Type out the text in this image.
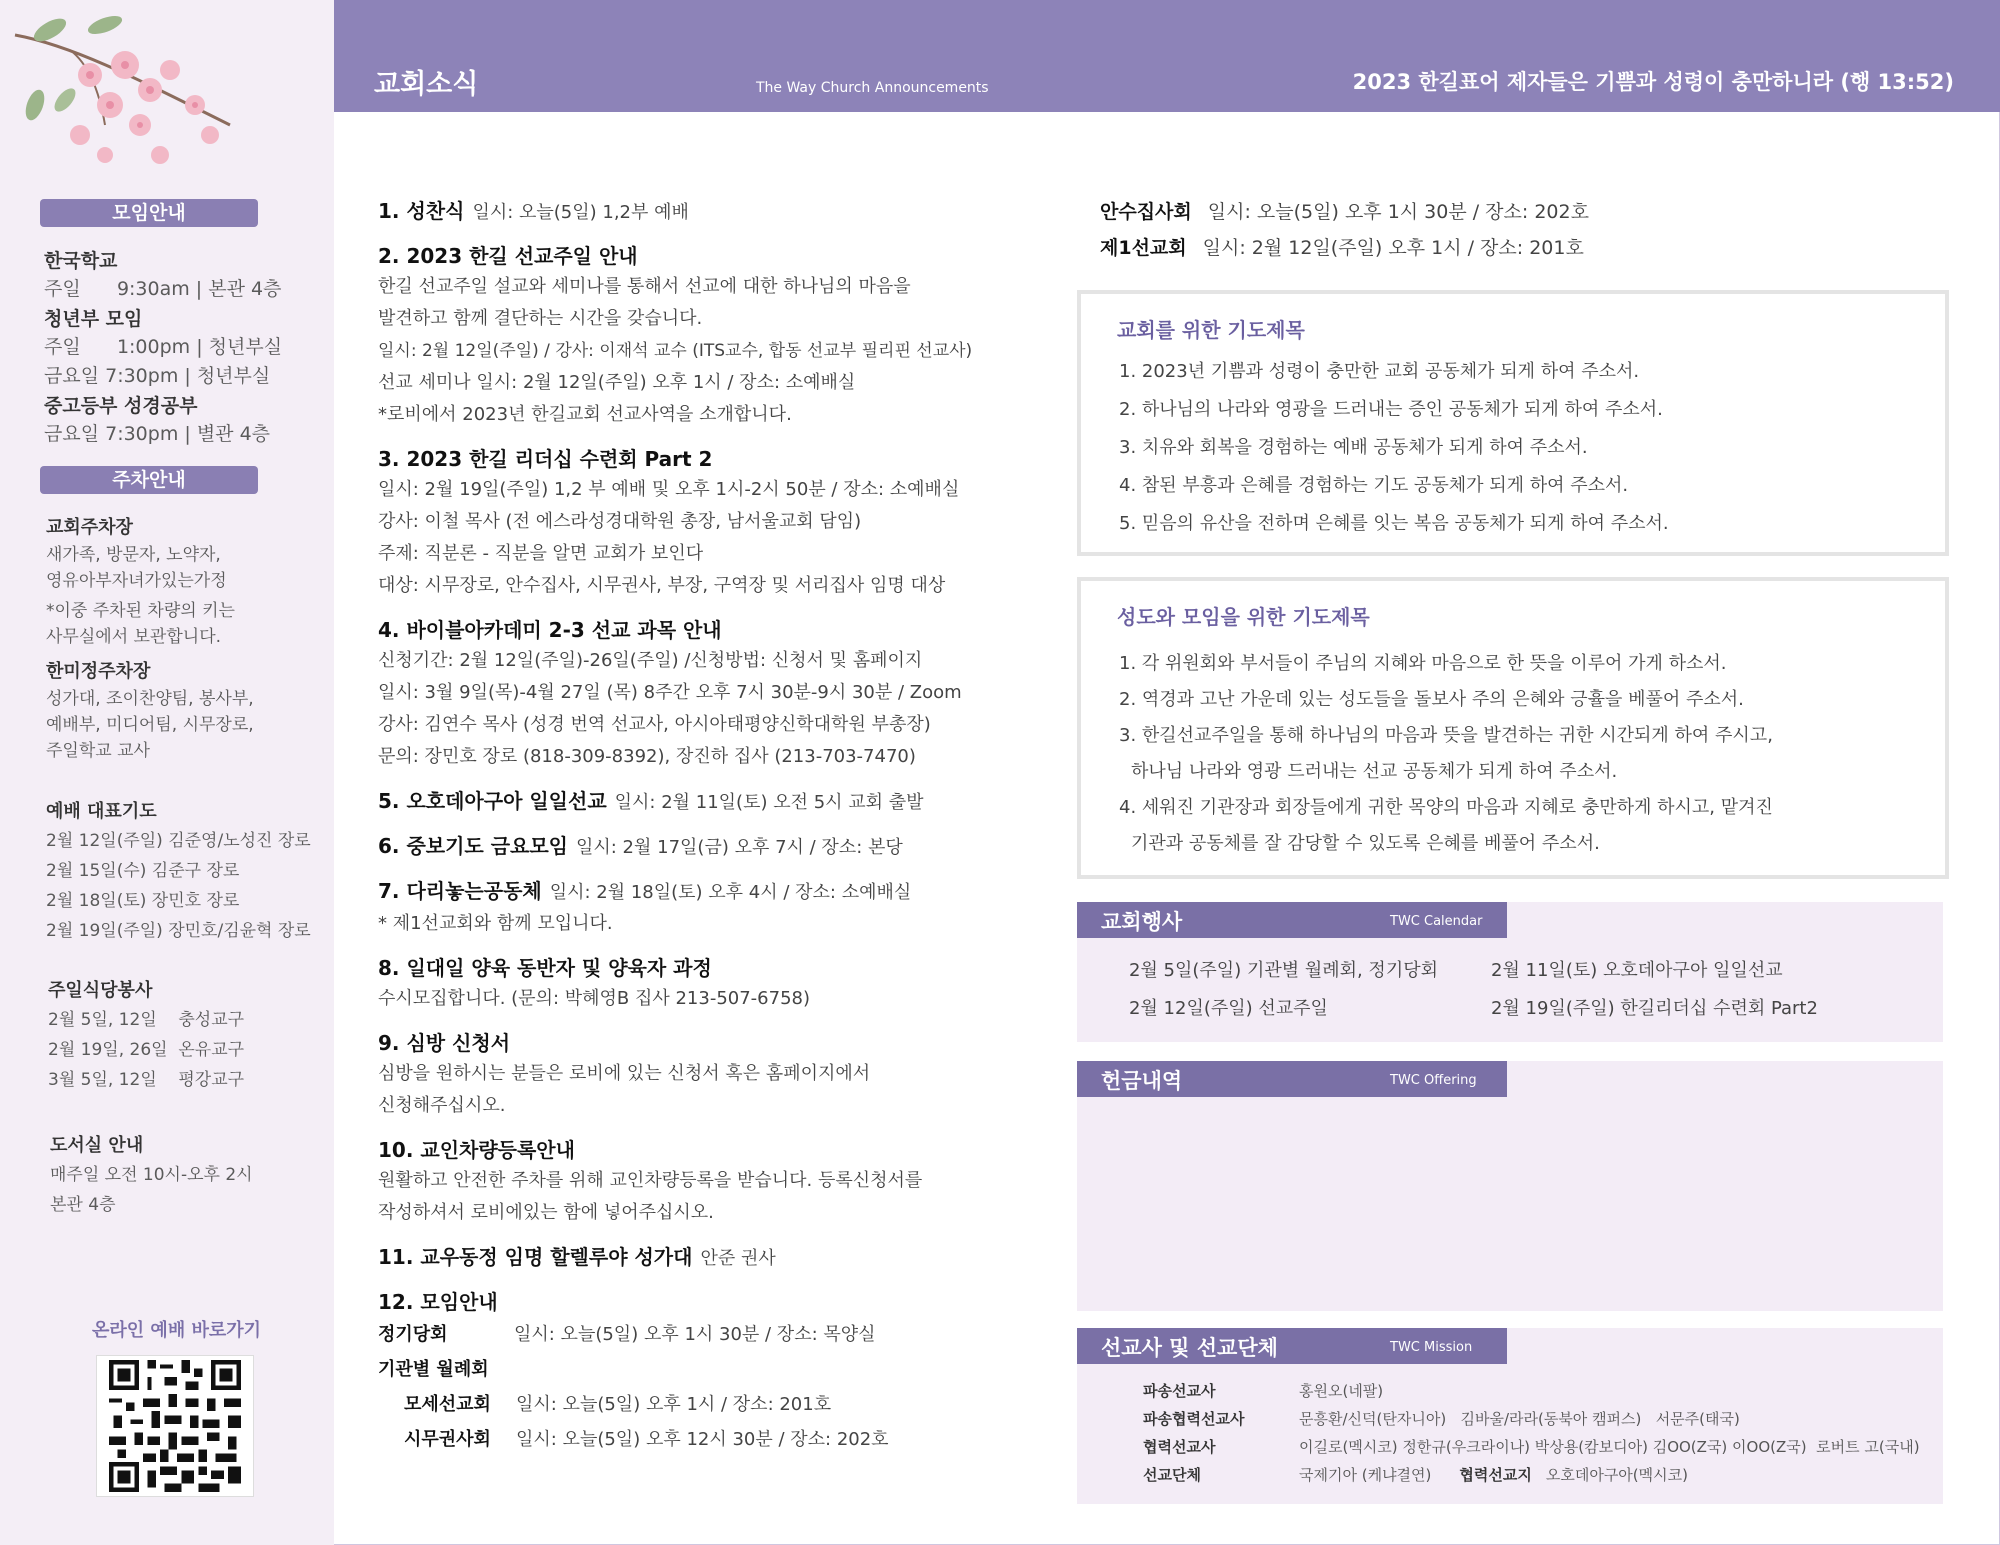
모임안내
한국학교
주일      9:30am | 본관 4층
청년부 모임
주일      1:00pm | 청년부실
금요일 7:30pm | 청년부실
중고등부 성경공부
금요일 7:30pm | 별관 4층
주차안내
교회주차장
새가족, 방문자, 노약자,
영유아부자녀가있는가정
*이중 주차된 차량의 키는
사무실에서 보관합니다.
한미정주차장
성가대, 조이찬양팀, 봉사부,
예배부, 미디어팀, 시무장로,
주일학교 교사
예배 대표기도
2월 12일(주일) 김준영/노성진 장로
2월 15일(수) 김준구 장로
2월 18일(토) 장민호 장로
2월 19일(주일) 장민호/김윤혁 장로
주일식당봉사
2월 5일, 12일    충성교구
2월 19일, 26일  온유교구
3월 5일, 12일    평강교구
도서실 안내
매주일 오전 10시-오후 2시
본관 4층
온라인 예배 바로가기
교회소식	The Way Church Announcements	2023 한길표어 제자들은 기쁨과 성령이 충만하니라 (행 13:52)
1. 성찬식 일시: 오늘(5일) 1,2부 예배
2. 2023 한길 선교주일 안내
한길 선교주일 설교와 세미나를 통해서 선교에 대한 하나님의 마음을
발견하고 함께 결단하는 시간을 갖습니다.
일시: 2월 12일(주일) / 강사: 이재석 교수 (ITS교수, 합동 선교부 필리핀 선교사)
선교 세미나 일시: 2월 12일(주일) 오후 1시 / 장소: 소예배실
*로비에서 2023년 한길교회 선교사역을 소개합니다.
3. 2023 한길 리더십 수련회 Part 2
일시: 2월 19일(주일) 1,2 부 예배 및 오후 1시-2시 50분 / 장소: 소예배실
강사: 이철 목사 (전 에스라성경대학원 총장, 남서울교회 담임)
주제: 직분론 - 직분을 알면 교회가 보인다
대상: 시무장로, 안수집사, 시무권사, 부장, 구역장 및 서리집사 임명 대상
4. 바이블아카데미 2-3 선교 과목 안내
신청기간: 2월 12일(주일)-26일(주일) /신청방법: 신청서 및 홈페이지
일시: 3월 9일(목)-4월 27일 (목) 8주간 오후 7시 30분-9시 30분 / Zoom
강사: 김연수 목사 (성경 번역 선교사, 아시아태평양신학대학원 부총장)
문의: 장민호 장로 (818-309-8392), 장진하 집사 (213-703-7470)
5. 오호데아구아 일일선교 일시: 2월 11일(토) 오전 5시 교회 출발
6. 중보기도 금요모임 일시: 2월 17일(금) 오후 7시 / 장소: 본당
7. 다리놓는공동체 일시: 2월 18일(토) 오후 4시 / 장소: 소예배실
* 제1선교회와 함께 모입니다.
8. 일대일 양육 동반자 및 양육자 과정
수시모집합니다. (문의: 박혜영B 집사 213-507-6758)
9. 심방 신청서
심방을 원하시는 분들은 로비에 있는 신청서 혹은 홈페이지에서
신청해주십시오.
10. 교인차량등록안내
원활하고 안전한 주차를 위해 교인차량등록을 받습니다. 등록신청서를
작성하셔서 로비에있는 함에 넣어주십시오.
11. 교우동정 임명 할렐루야 성가대 안준 권사
12. 모임안내
정기당회	일시: 오늘(5일) 오후 1시 30분 / 장소: 목양실
기관별 월례회
모세선교회 일시: 오늘(5일) 오후 1시 / 장소: 201호
시무권사회 일시: 오늘(5일) 오후 12시 30분 / 장소: 202호
안수집사회 일시: 오늘(5일) 오후 1시 30분 / 장소: 202호
제1선교회 일시: 2월 12일(주일) 오후 1시 / 장소: 201호
교회를 위한 기도제목
1. 2023년 기쁨과 성령이 충만한 교회 공동체가 되게 하여 주소서.
2. 하나님의 나라와 영광을 드러내는 증인 공동체가 되게 하여 주소서.
3. 치유와 회복을 경험하는 예배 공동체가 되게 하여 주소서.
4. 참된 부흥과 은혜를 경험하는 기도 공동체가 되게 하여 주소서.
5. 믿음의 유산을 전하며 은혜를 잇는 복음 공동체가 되게 하여 주소서.
성도와 모임을 위한 기도제목
1. 각 위원회와 부서들이 주님의 지혜와 마음으로 한 뜻을 이루어 가게 하소서.
2. 역경과 고난 가운데 있는 성도들을 돌보사 주의 은혜와 긍휼을 베풀어 주소서.
3. 한길선교주일을 통해 하나님의 마음과 뜻을 발견하는 귀한 시간되게 하여 주시고,
하나님 나라와 영광 드러내는 선교 공동체가 되게 하여 주소서.
4. 세워진 기관장과 회장들에게 귀한 목양의 마음과 지혜로 충만하게 하시고, 맡겨진
기관과 공동체를 잘 감당할 수 있도록 은혜를 베풀어 주소서.
교회행사	TWC Calendar
2월 5일(주일) 기관별 월례회, 정기당회	2월 11일(토) 오호데아구아 일일선교
2월 12일(주일) 선교주일	2월 19일(주일) 한길리더십 수련회 Part2
헌금내역	TWC Offering
선교사 및 선교단체	TWC Mission
파송선교사	홍원오(네팔)
파송협력선교사	문흥환/신덕(탄자니아)   김바울/라라(동북아 캠퍼스)   서문주(태국)
협력선교사	이길로(멕시코) 정한규(우크라이나) 박상용(캄보디아) 김OO(Z국) 이OO(Z국)  로버트 고(국내)
선교단체	국제기아 (케냐결연) 협력선교지 오호데아구아(멕시코)
